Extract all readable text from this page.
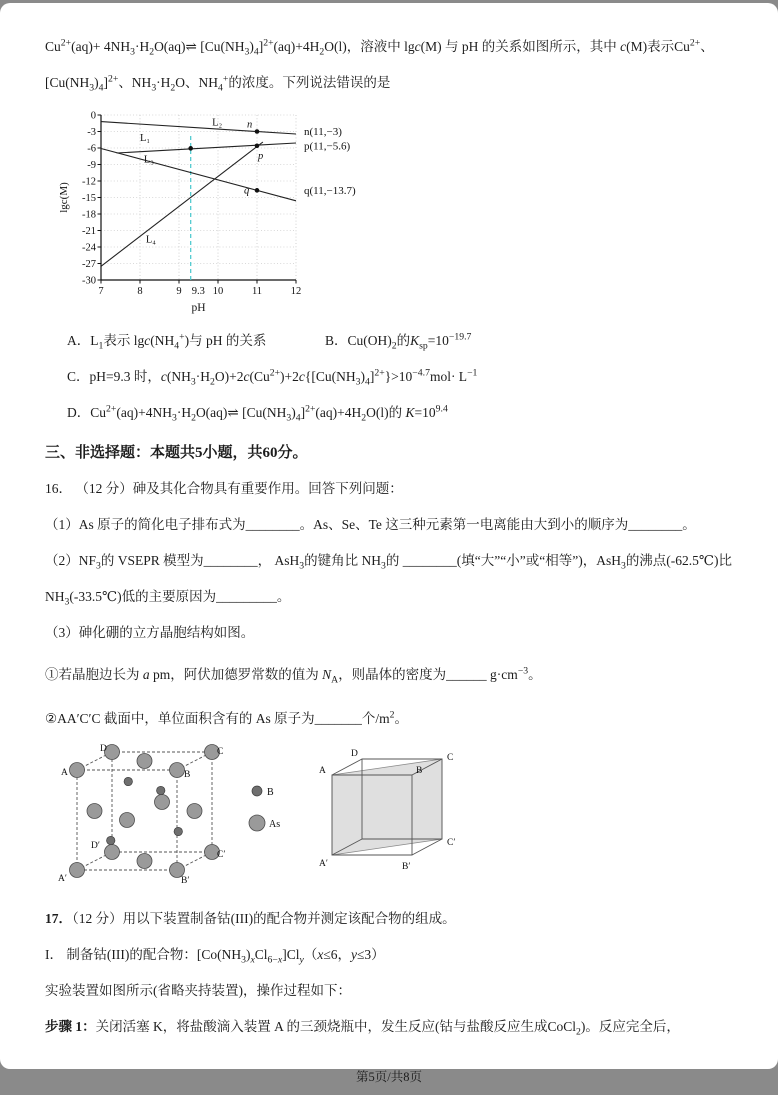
$Cu^{2+}(aq)+$ $4NH_3\cdot H_2O(aq)\rightleftharpoons$ $[Cu(NH_3)_4]^{2+}(aq)+4H_2O(l)$，溶液中 lgc(M) 与 pH 的关系如图所示，其中 c(M)表示$Cu^{2+}$、$[Cu(NH_3)_4]^{2+}$、$NH_3\cdot H_2O$、$NH_4^+$的浓度。下列说法错误的是

7	8	9	10	11	12
0
-3
-6
-9
-12
-15
-18
-21
-24
-27
-30
9.3
L₂
L₁
L₃
L₄
n
n(11,−3)
p
p(11,−5.6)
q	q(11,−13.7)
pH
lgc(M)

A．$L_1$表示 $\lg c(NH_4^+)$与 pH 的关系	B．$Cu(OH)_2$的$K_{sp}=10^{-19.7}$

C．pH=9.3 时，$c(NH_3\cdot H_2O)+2c(Cu^{2+})+2c\{[Cu(NH_3)_4]^{2+}\}>10^{-4.7}mol\cdot L^{-1}$

D．$Cu^{2+}(aq)+4NH_3\cdot H_2O(aq)\rightleftharpoons$ $[Cu(NH_3)_4]^{2+}(aq)+4H_2O(l)$的 $K=10^{9.4}$

三、非选择题：本题共5小题，共60分。

16． （12 分）砷及其化合物具有重要作用。回答下列问题：

（1）As 原子的简化电子排布式为________。As、Se、Te 这三种元素第一电离能由大到小的顺序为________。

$(2)NF_3$的 VSEPR 模型为________， AsH$_3$的键角比 $NH_3$的 ________(填“大”“小”或“相等”)，AsH$_3$的沸点(-62.5℃)比 $NH_3(-33.5℃)$低的主要原因为_________。

（3）砷化硼的立方晶胞结构如图。

①若晶胞边长为 a pm，阿伏加德罗常数的值为 $N_A$，则晶体的密度为______ $g\cdot cm^{-3}$。

②AA′C′C 截面中，单位面积含有的 As 原子为_______个$/m^2$。

A	B
C
D
A′	B′
C′
D′
B
As
A
D
B
C
A′	B′
C′

17．（12 分）用以下装置制备钴(III)的配合物并测定该配合物的组成。

I． 制备钴(III)的配合物：$[Co(NH_3)_xCl_{6-x}]Cl_y(x\le 6$，y≤3）

实验装置如图所示(省略夹持装置)，操作过程如下：

步骤 1：关闭活塞 K，将盐酸滴入装置 A 的三颈烧瓶中，发生反应(钴与盐酸反应生成CoCl$_2$)。反应完全后，

第5页/共8页
